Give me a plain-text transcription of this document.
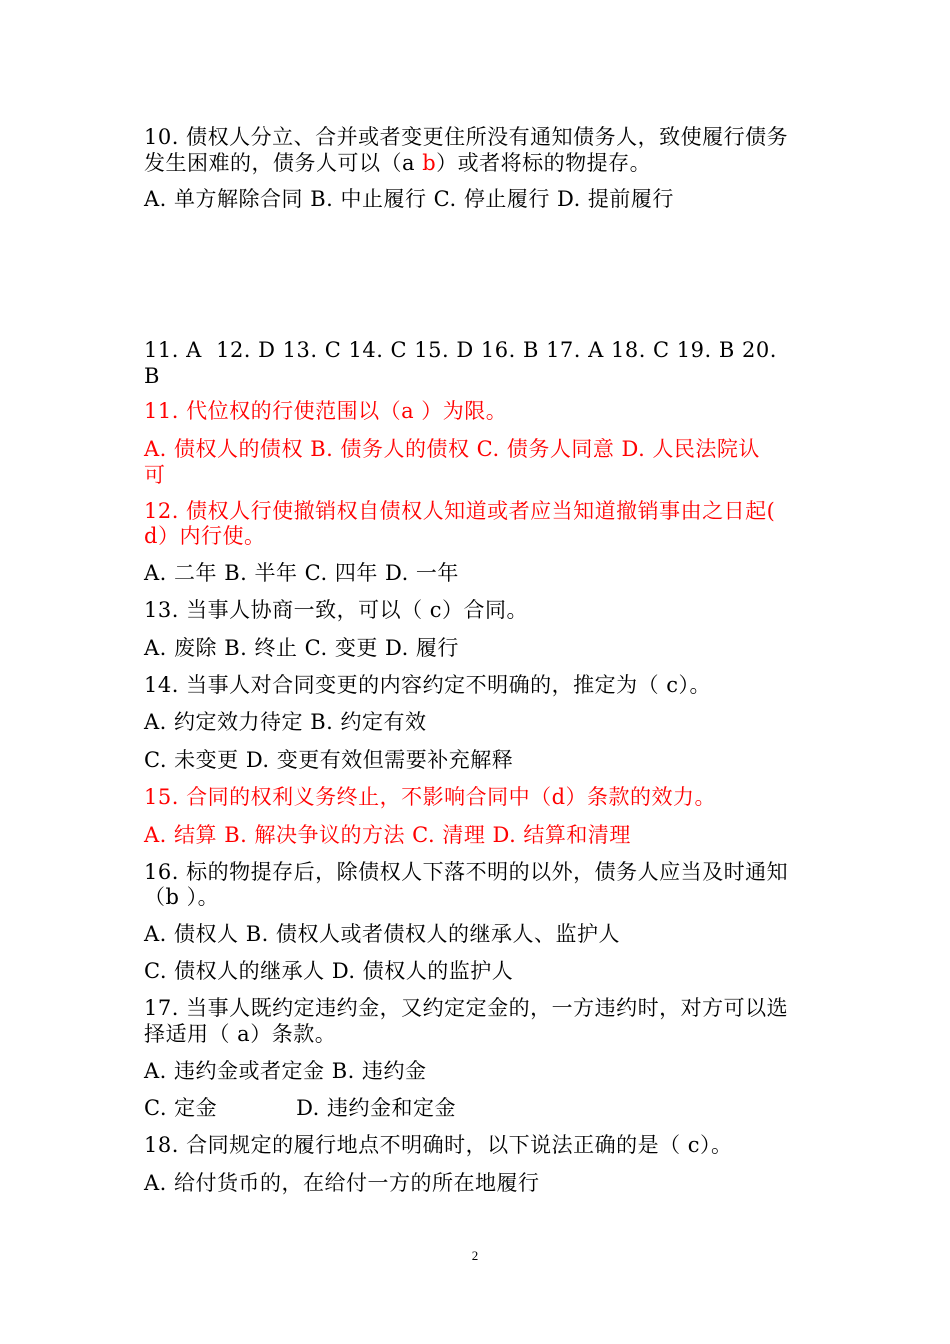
10. 债权人分立、合并或者变更住所没有通知债务人，致使履行债务
发生困难的，债务人可以（a b）或者将标的物提存。
A. 单方解除合同 B. 中止履行 C. 停止履行 D. 提前履行
11. A  12. D 13. C 14. C 15. D 16. B 17. A 18. C 19. B 20.
B
11. 代位权的行使范围以（a ）为限。
A. 债权人的债权 B. 债务人的债权 C. 债务人同意 D. 人民法院认
可
12. 债权人行使撤销权自债权人知道或者应当知道撤销事由之日起(
d）内行使。
A. 二年 B. 半年 C. 四年 D. 一年
13. 当事人协商一致，可以（ c）合同。
A. 废除 B. 终止 C. 变更 D. 履行
14. 当事人对合同变更的内容约定不明确的，推定为（ c）。
A. 约定效力待定 B. 约定有效
C. 未变更 D. 变更有效但需要补充解释
15. 合同的权利义务终止，不影响合同中（d）条款的效力。
A. 结算 B. 解决争议的方法 C. 清理 D. 结算和清理
16. 标的物提存后，除债权人下落不明的以外，债务人应当及时通知
（b ）。
A. 债权人 B. 债权人或者债权人的继承人、监护人
C. 债权人的继承人 D. 债权人的监护人
17. 当事人既约定违约金，又约定定金的，一方违约时，对方可以选
择适用（ a）条款。
A. 违约金或者定金 B. 违约金
C. 定金           D. 违约金和定金
18. 合同规定的履行地点不明确时，以下说法正确的是（ c）。
A. 给付货币的，在给付一方的所在地履行
2
